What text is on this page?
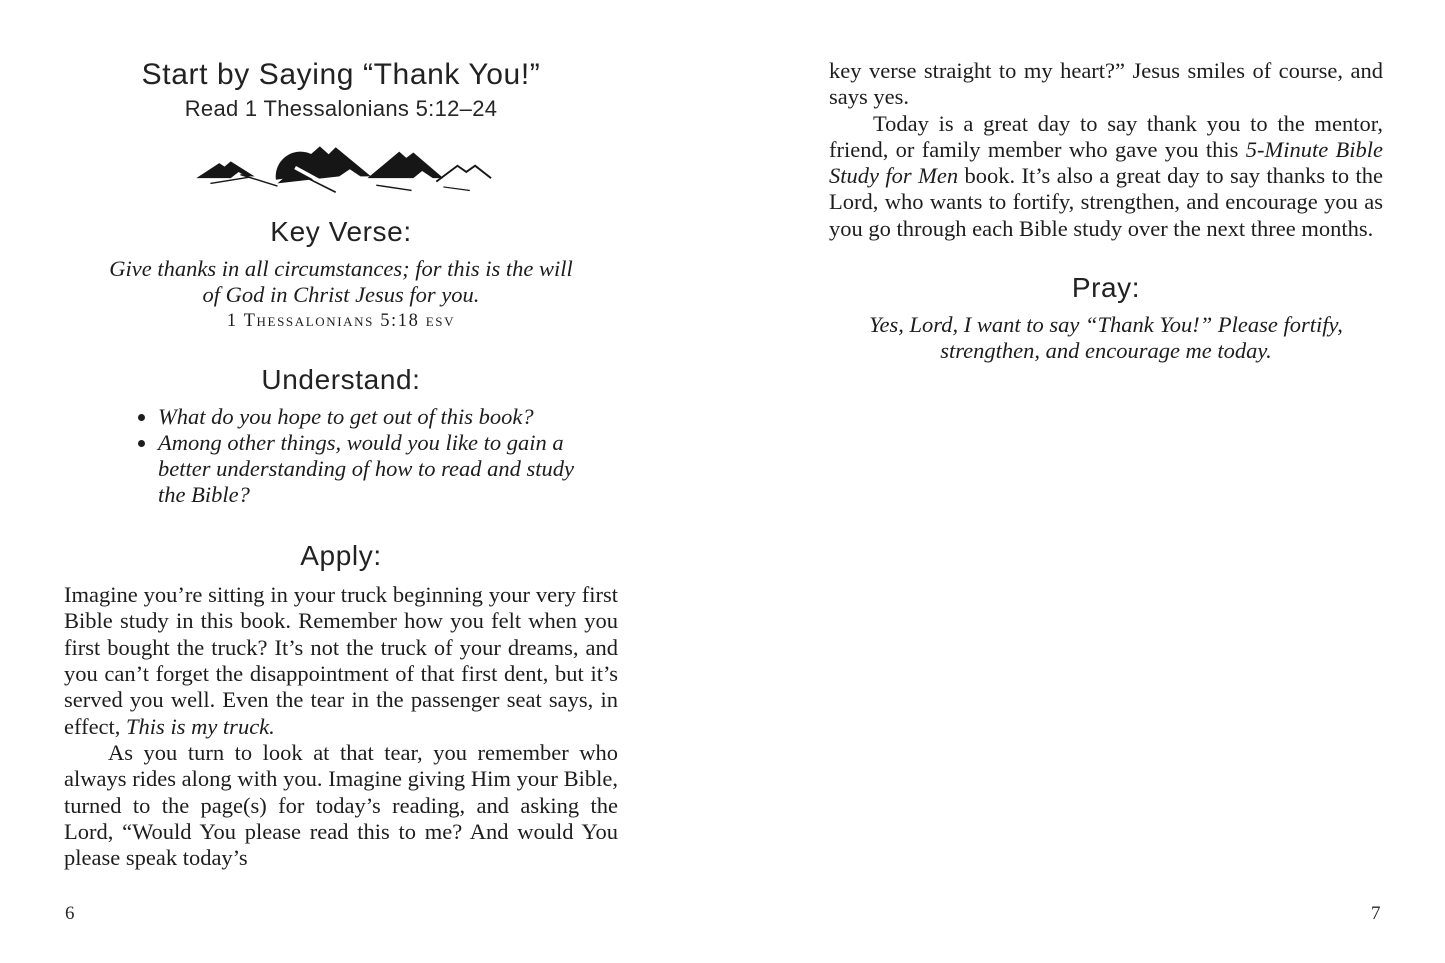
Start by Saying “Thank You!”
Read 1 Thessalonians 5:12–24
Key Verse:

Give thanks in all circumstances; for this is the will of God in Christ Jesus for you.

1 Thessalonians 5:18 esv

Understand:
• What do you hope to get out of this book?
• Among other things, would you like to gain a better understanding of how to read and study the Bible?
Apply:

Imagine you’re sitting in your truck beginning your very first Bible study in this book. Remember how you felt when you first bought the truck? It’s not the truck of your dreams, and you can’t forget the disappointment of that first dent, but it’s served you well. Even the tear in the passenger seat says, in effect, This is my truck.

As you turn to look at that tear, you remember who always rides along with you. Imagine giving Him your Bible, turned to the page(s) for today’s reading, and asking the Lord, “Would You please read this to me? And would You please speak today’s

key verse straight to my heart?” Jesus smiles of course, and says yes.

Today is a great day to say thank you to the mentor, friend, or family member who gave you this 5-Minute Bible Study for Men book. It’s also a great day to say thanks to the Lord, who wants to fortify, strengthen, and encourage you as you go through each Bible study over the next three months.

Pray:

Yes, Lord, I want to say “Thank You!” Please fortify, strengthen, and encourage me today.

6	7
